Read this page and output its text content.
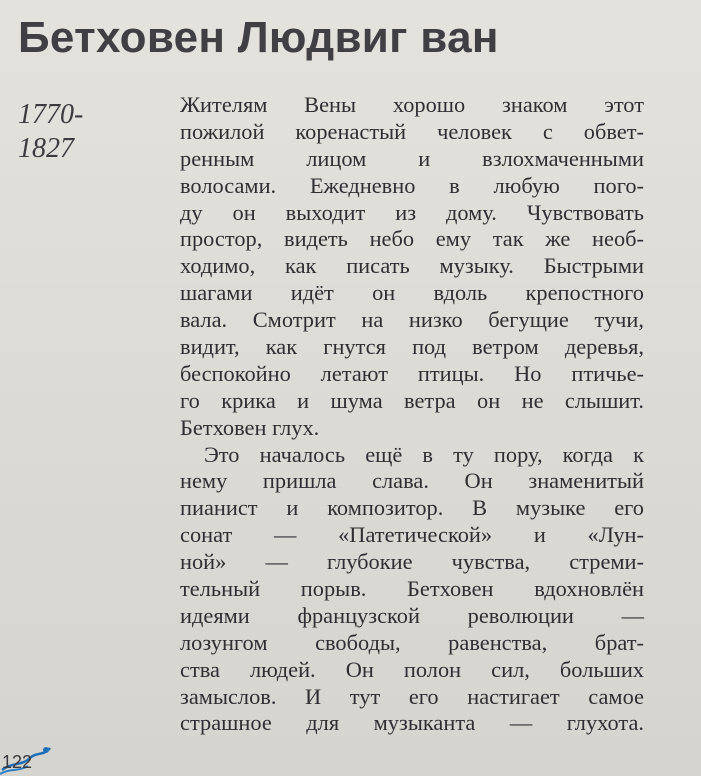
Бетховен Людвиг ван
1770-
1827

Жителям Вены хорошо знаком этот
пожилой коренастый человек с обвет-
ренным лицом и взлохмаченными
волосами. Ежедневно в любую пого-
ду он выходит из дому. Чувствовать
простор, видеть небо ему так же необ-
ходимо, как писать музыку. Быстрыми
шагами идёт он вдоль крепостного
вала. Смотрит на низко бегущие тучи,
видит, как гнутся под ветром деревья,
беспокойно летают птицы. Но птичье-
го крика и шума ветра он не слышит.
Бетховен глух.

Это началось ещё в ту пору, когда к
нему пришла слава. Он знаменитый
пианист и композитор. В музыке его
сонат — «Патетической» и «Лун-
ной» — глубокие чувства, стреми-
тельный порыв. Бетховен вдохновлён
идеями французской революции —
лозунгом свободы, равенства, брат-
ства людей. Он полон сил, больших
замыслов. И тут его настигает самое
страшное для музыканта — глухота.

122
